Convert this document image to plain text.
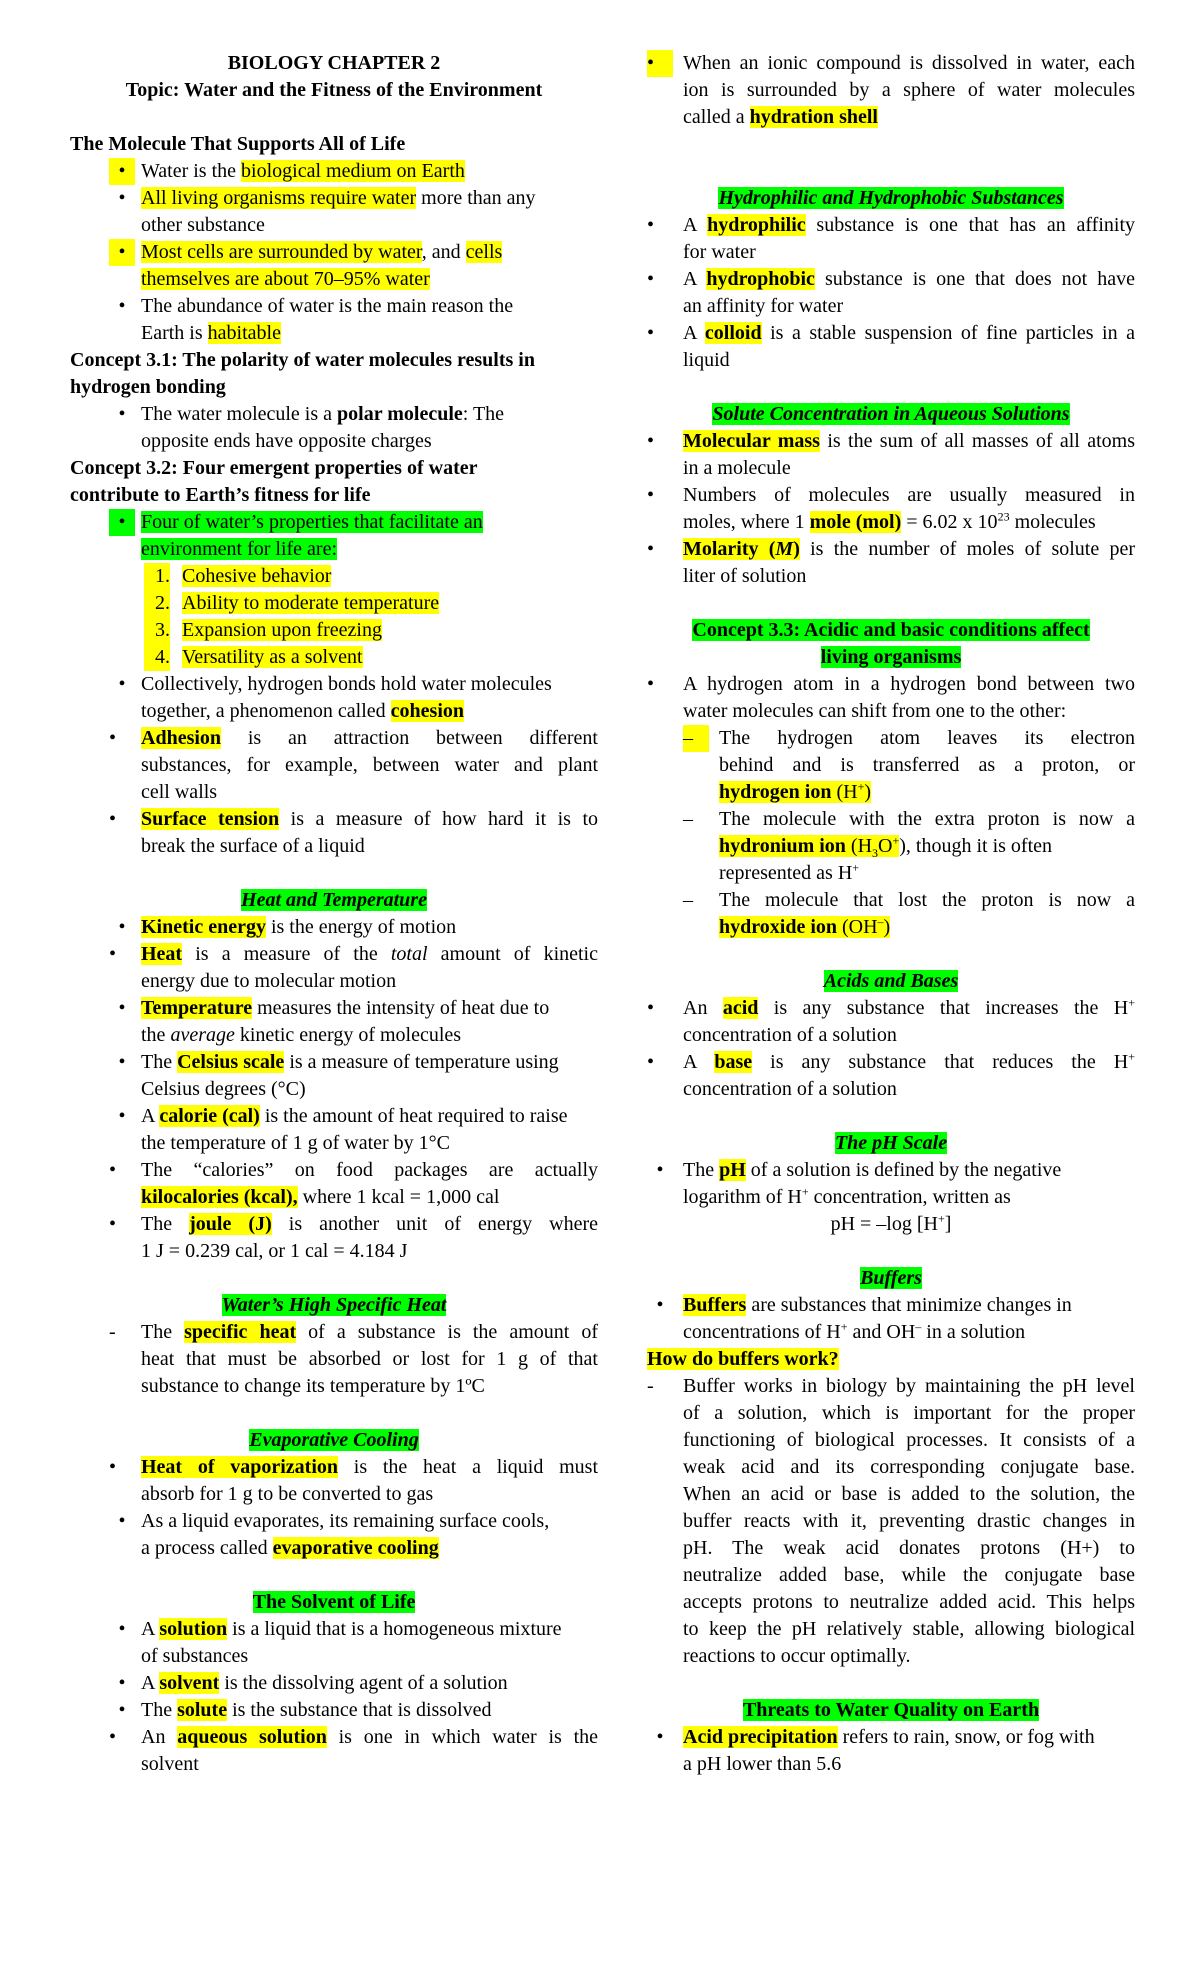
BIOLOGY CHAPTER 2
Topic: Water and the Fitness of the Environment
The Molecule That Supports All of Life
• Water is the biological medium on Earth
• All living organisms require water more than any
other substance
• Most cells are surrounded by water, and cells
themselves are about 70–95% water
• The abundance of water is the main reason the
Earth is habitable
Concept 3.1: The polarity of water molecules results in
hydrogen bonding
• The water molecule is a polar molecule: The
opposite ends have opposite charges
Concept 3.2: Four emergent properties of water
contribute to Earth’s fitness for life
• Four of water’s properties that facilitate an
environment for life are:
1. Cohesive behavior
2. Ability to moderate temperature
3. Expansion upon freezing
4. Versatility as a solvent
• Collectively, hydrogen bonds hold water molecules
together, a phenomenon called cohesion
•	Adhesion is an attraction between different
substances, for example, between water and plant
cell walls
•	Surface tension is a measure of how hard it is to
break the surface of a liquid
Heat and Temperature
• Kinetic energy is the energy of motion
•	Heat is a measure of the total amount of kinetic
energy due to molecular motion
• Temperature measures the intensity of heat due to
the average kinetic energy of molecules
• The Celsius scale is a measure of temperature using
Celsius degrees (°C)
• A calorie (cal) is the amount of heat required to raise
the temperature of 1 g of water by 1°C
•	The “calories” on food packages are actually
kilocalories (kcal), where 1 kcal = 1,000 cal
•	The joule (J) is another unit of energy where
1 J = 0.239 cal, or 1 cal = 4.184 J
Water’s High Specific Heat
-	The specific heat of a substance is the amount of
heat that must be absorbed or lost for 1 g of that
substance to change its temperature by 1ºC
Evaporative Cooling
•	Heat of vaporization is the heat a liquid must
absorb for 1 g to be converted to gas
• As a liquid evaporates, its remaining surface cools,
a process called evaporative cooling
The Solvent of Life
• A solution is a liquid that is a homogeneous mixture
of substances
• A solvent is the dissolving agent of a solution
• The solute is the substance that is dissolved
•	An aqueous solution is one in which water is the
solvent
•	When an ionic compound is dissolved in water, each
ion is surrounded by a sphere of water molecules
called a hydration shell
Hydrophilic and Hydrophobic Substances
•	A hydrophilic substance is one that has an affinity
for water
•	A hydrophobic substance is one that does not have
an affinity for water
•	A colloid is a stable suspension of fine particles in a
liquid
Solute Concentration in Aqueous Solutions
•	Molecular mass is the sum of all masses of all atoms
in a molecule
•	Numbers of molecules are usually measured in
moles, where 1 mole (mol) = 6.02 x $10^{23}$ molecules
•	Molarity (M) is the number of moles of solute per
liter of solution
Concept 3.3: Acidic and basic conditions affect
living organisms
•	A hydrogen atom in a hydrogen bond between two
water molecules can shift from one to the other:
–	The hydrogen atom leaves its electron
behind and is transferred as a proton, or
hydrogen ion (H+)
–	The molecule with the extra proton is now a
hydronium ion $(H_3O^+)$, though it is often
represented as H+
–	The molecule that lost the proton is now a
hydroxide ion (OH–)
Acids and Bases
•	An acid is any substance that increases the H+
concentration of a solution
•	A base is any substance that reduces the H+
concentration of a solution
The pH Scale
• The pH of a solution is defined by the negative
logarithm of H+ concentration, written as
pH = –log [H+]
Buffers
• Buffers are substances that minimize changes in
concentrations of H+ and OH– in a solution
How do buffers work?
-	Buffer works in biology by maintaining the pH level
of a solution, which is important for the proper
functioning of biological processes. It consists of a
weak acid and its corresponding conjugate base.
When an acid or base is added to the solution, the
buffer reacts with it, preventing drastic changes in
pH. The weak acid donates protons (H+) to
neutralize added base, while the conjugate base
accepts protons to neutralize added acid. This helps
to keep the pH relatively stable, allowing biological
reactions to occur optimally.
Threats to Water Quality on Earth
• Acid precipitation refers to rain, snow, or fog with
a pH lower than 5.6
